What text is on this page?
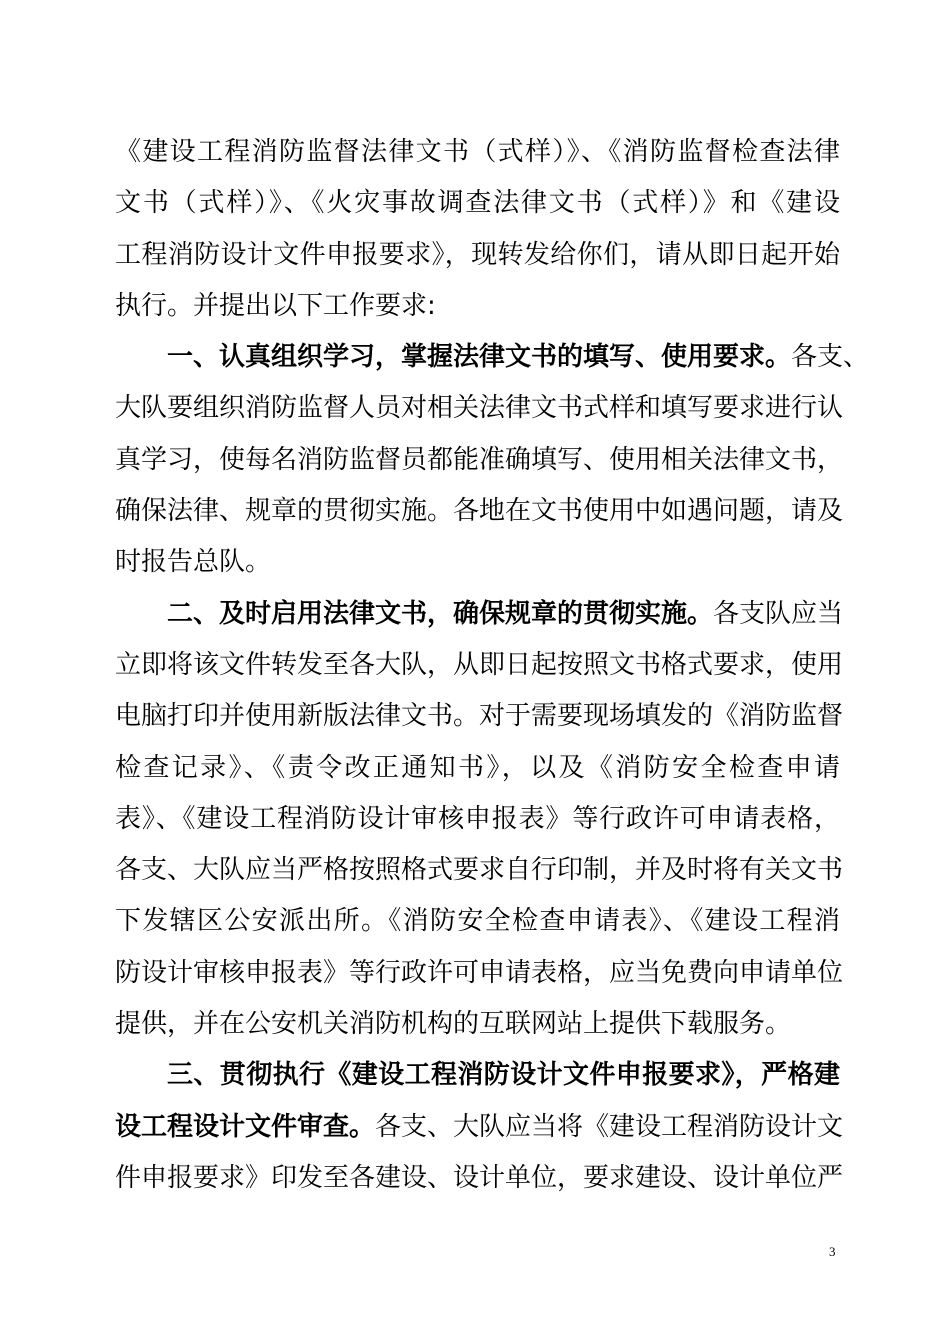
《建设工程消防监督法律文书（式样）》、《消防监督检查法律
文书（式样）》、《火灾事故调查法律文书（式样）》和《建设
工程消防设计文件申报要求》，现转发给你们，请从即日起开始
执行。并提出以下工作要求:
一、认真组织学习，掌握法律文书的填写、使用要求。各支、
大队要组织消防监督人员对相关法律文书式样和填写要求进行认
真学习，使每名消防监督员都能准确填写、使用相关法律文书，
确保法律、规章的贯彻实施。各地在文书使用中如遇问题，请及
时报告总队。
二、及时启用法律文书，确保规章的贯彻实施。各支队应当
立即将该文件转发至各大队，从即日起按照文书格式要求，使用
电脑打印并使用新版法律文书。对于需要现场填发的《消防监督
检查记录》、《责令改正通知书》，以及《消防安全检查申请
表》、《建设工程消防设计审核申报表》等行政许可申请表格，
各支、大队应当严格按照格式要求自行印制，并及时将有关文书
下发辖区公安派出所。《消防安全检查申请表》、《建设工程消
防设计审核申报表》等行政许可申请表格，应当免费向申请单位
提供，并在公安机关消防机构的互联网站上提供下载服务。
三、贯彻执行《建设工程消防设计文件申报要求》，严格建
设工程设计文件审查。各支、大队应当将《建设工程消防设计文
件申报要求》印发至各建设、设计单位，要求建设、设计单位严
3
